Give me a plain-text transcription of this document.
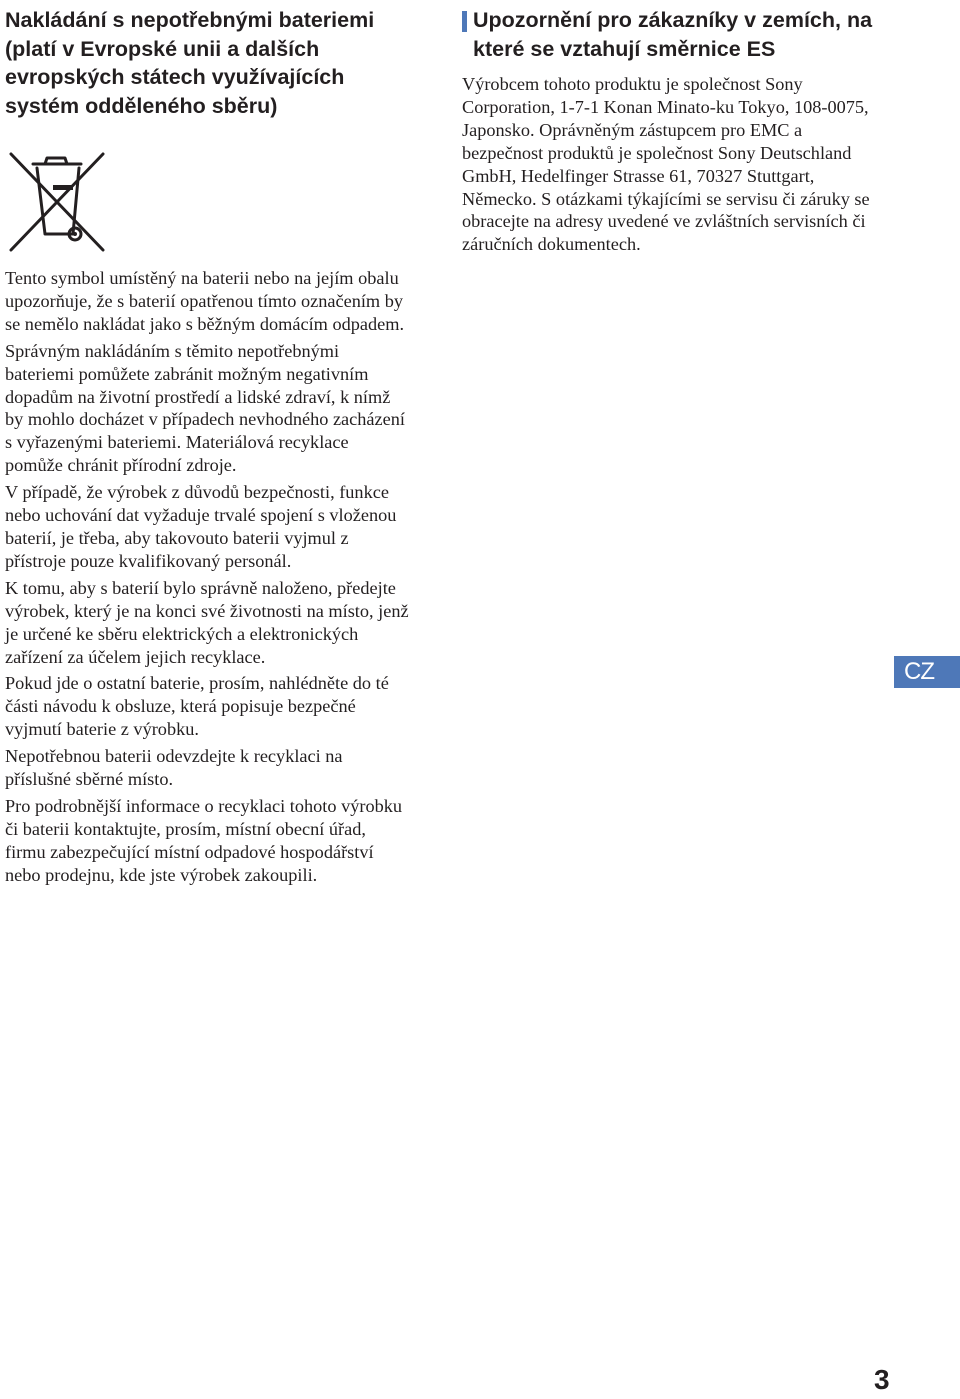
Nakládání s nepotřebnými bateriemi (platí v Evropské unii a dalších evropských státech využívajících systém odděleného sběru)

Tento symbol umístěný na baterii nebo na jejím obalu upozorňuje, že s baterií opatřenou tímto označením by se nemělo nakládat jako s běžným domácím odpadem.

Správným nakládáním s těmito nepotřebnými bateriemi pomůžete zabránit možným negativním dopadům na životní prostředí a lidské zdraví, k nímž by mohlo docházet v případech nevhodného zacházení s vyřazenými bateriemi. Materiálová recyklace pomůže chránit přírodní zdroje.

V případě, že výrobek z důvodů bezpečnosti, funkce nebo uchování dat vyžaduje trvalé spojení s vloženou baterií, je třeba, aby takovouto baterii vyjmul z přístroje pouze kvalifikovaný personál.

K tomu, aby s baterií bylo správně naloženo, předejte výrobek, který je na konci své životnosti na místo, jenž je určené ke sběru elektrických a elektronických zařízení za účelem jejich recyklace.

Pokud jde o ostatní baterie, prosím, nahlédněte do té části návodu k obsluze, která popisuje bezpečné vyjmutí baterie z výrobku.

Nepotřebnou baterii odevzdejte k recyklaci na příslušné sběrné místo.

Pro podrobnější informace o recyklaci tohoto výrobku či baterii kontaktujte, prosím, místní obecní úřad, firmu zabezpečující místní odpadové hospodářství nebo prodejnu, kde jste výrobek zakoupili.

Upozornění pro zákazníky v zemích, na které se vztahují směrnice ES

Výrobcem tohoto produktu je společnost Sony Corporation, 1-7-1 Konan Minato-ku Tokyo, 108-0075, Japonsko. Oprávněným zástupcem pro EMC a bezpečnost produktů je společnost Sony Deutschland GmbH, Hedelfinger Strasse 61, 70327 Stuttgart, Německo. S otázkami týkajícími se servisu či záruky se obracejte na adresy uvedené ve zvláštních servisních či záručních dokumentech.

CZ
3
